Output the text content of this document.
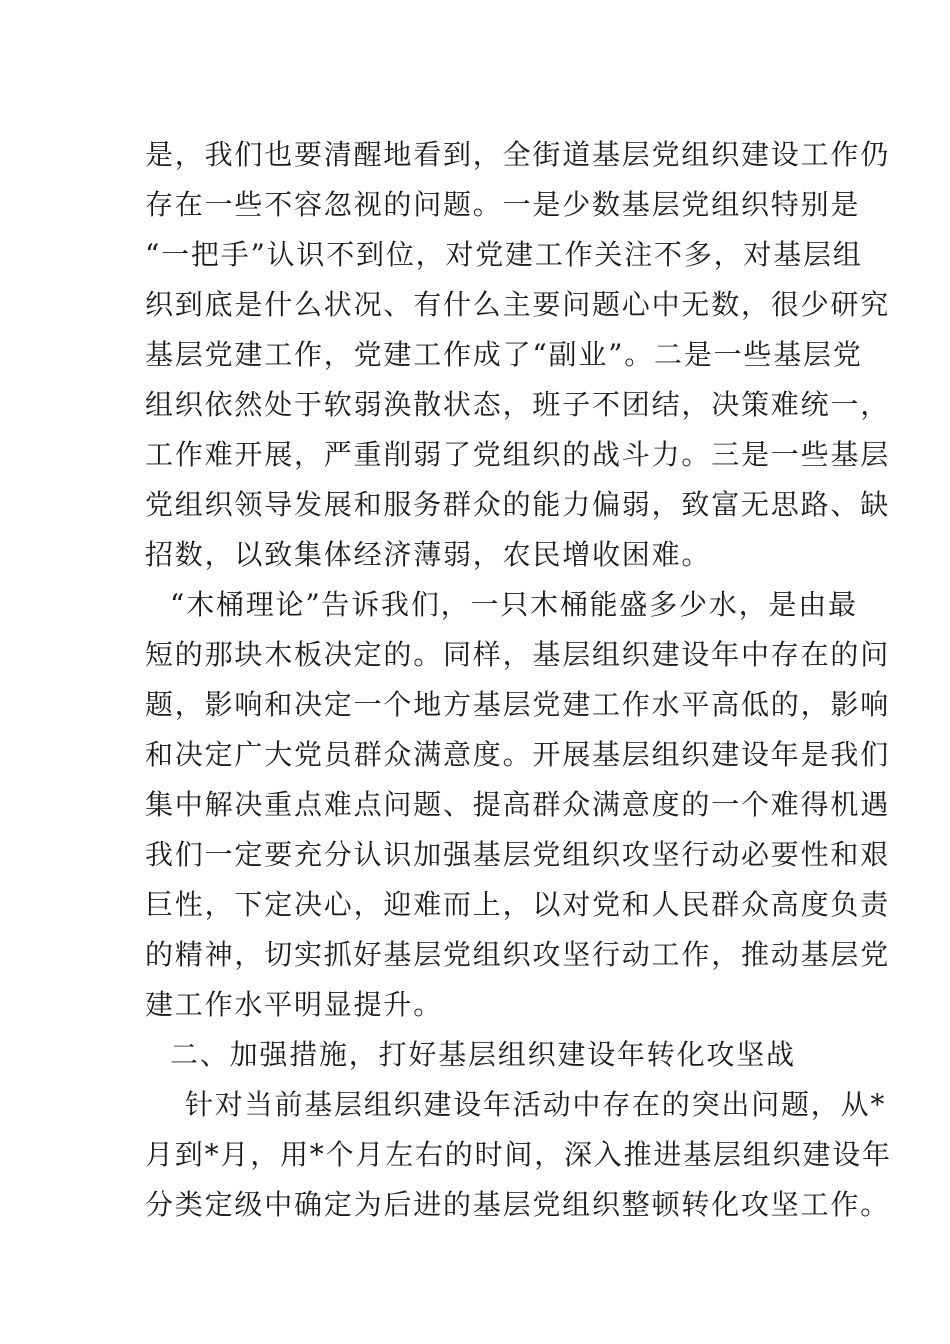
是，我们也要清醒地看到，全街道基层党组织建设工作仍
存在一些不容忽视的问题。一是少数基层党组织特别是
“一把手”认识不到位，对党建工作关注不多，对基层组
织到底是什么状况、有什么主要问题心中无数，很少研究
基层党建工作，党建工作成了“副业”。二是一些基层党
组织依然处于软弱涣散状态，班子不团结，决策难统一，
工作难开展，严重削弱了党组织的战斗力。三是一些基层
党组织领导发展和服务群众的能力偏弱，致富无思路、缺
招数，以致集体经济薄弱，农民增收困难。
“木桶理论”告诉我们，一只木桶能盛多少水，是由最
短的那块木板决定的。同样，基层组织建设年中存在的问
题，影响和决定一个地方基层党建工作水平高低的，影响
和决定广大党员群众满意度。开展基层组织建设年是我们
集中解决重点难点问题、提高群众满意度的一个难得机遇
我们一定要充分认识加强基层党组织攻坚行动必要性和艰
巨性，下定决心，迎难而上，以对党和人民群众高度负责
的精神，切实抓好基层党组织攻坚行动工作，推动基层党
建工作水平明显提升。
二、加强措施，打好基层组织建设年转化攻坚战
针对当前基层组织建设年活动中存在的突出问题，从*
月到*月，用*个月左右的时间，深入推进基层组织建设年
分类定级中确定为后进的基层党组织整顿转化攻坚工作。
